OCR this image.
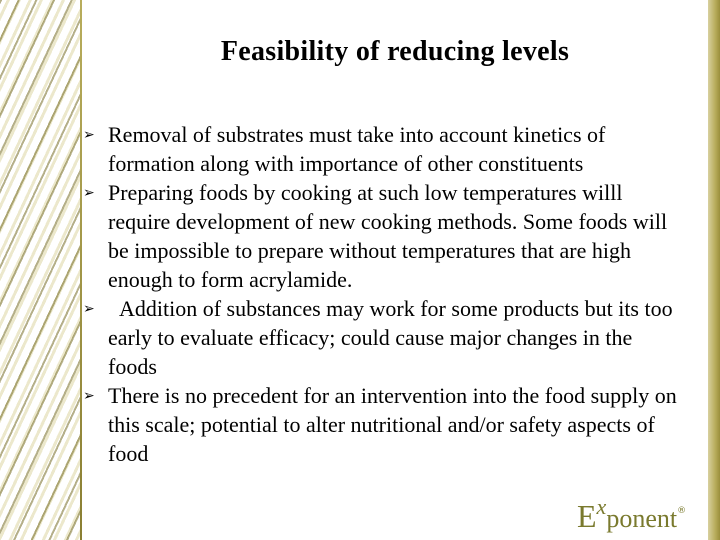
Feasibility of reducing levels
➢ Removal of substrates must take into account kinetics of formation along with importance of other constituents
➢ Preparing foods by cooking at such low temperatures willl require development of new cooking methods. Some foods will be impossible to prepare without temperatures that are high enough to form acrylamide.
➢ Addition of substances may work for some products but its too early to evaluate efficacy; could cause major changes in the foods
➢ There is no precedent for an intervention into the food supply on this scale; potential to alter nutritional and/or safety aspects of food
Exponent®
